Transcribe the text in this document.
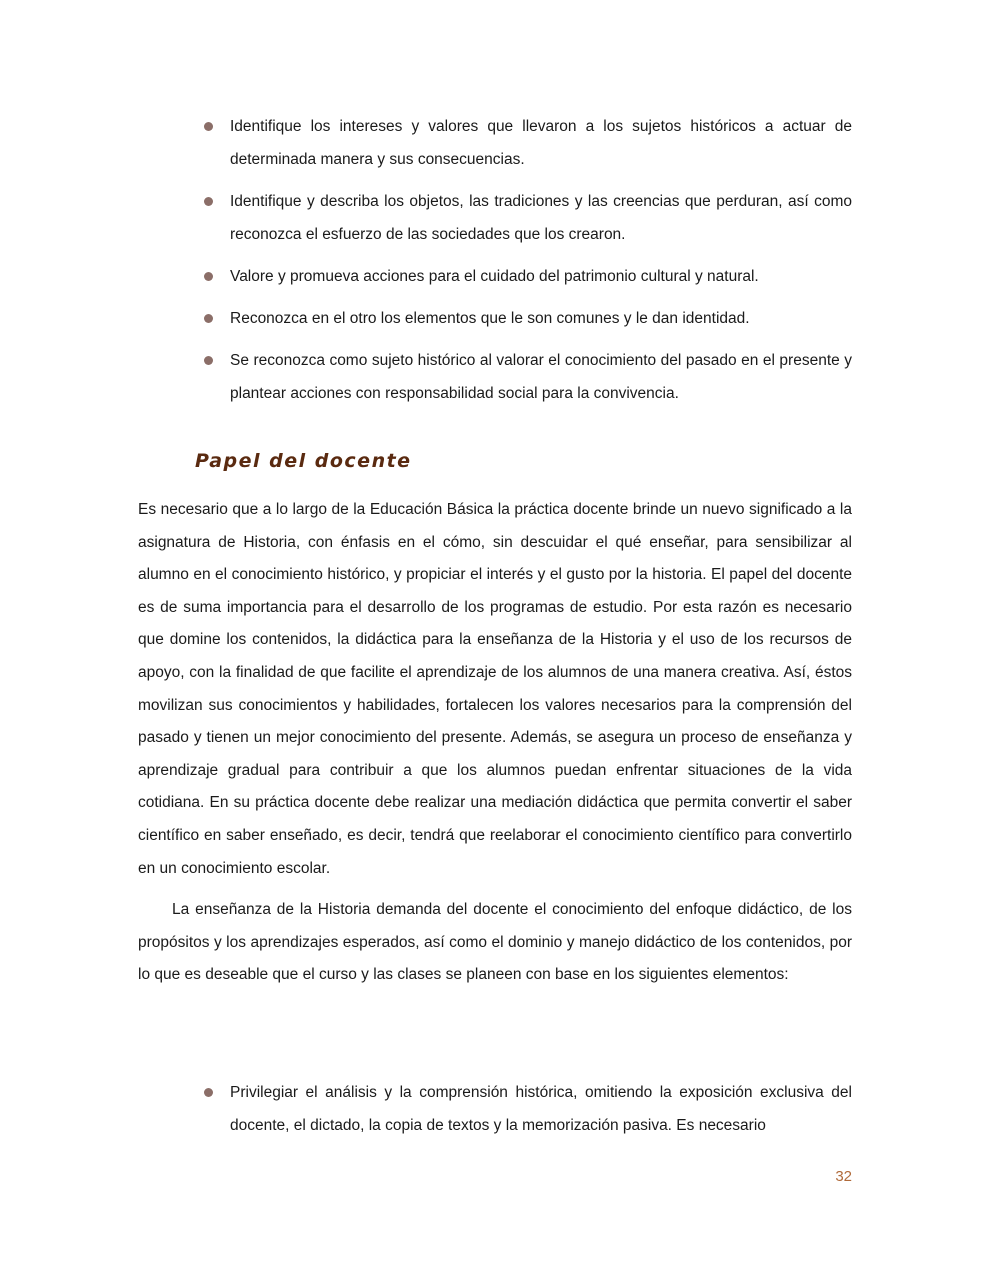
Identifique los intereses y valores que llevaron a los sujetos históricos a actuar de determinada manera y sus consecuencias.
Identifique y describa los objetos, las tradiciones y las creencias que perduran, así como reconozca el esfuerzo de las sociedades que los crearon.
Valore y promueva acciones para el cuidado del patrimonio cultural y natural.
Reconozca en el otro los elementos que le son comunes y le dan identidad.
Se reconozca como sujeto histórico al valorar el conocimiento del pasado en el presente y plantear acciones con responsabilidad social para la convivencia.
Papel del docente

Es necesario que a lo largo de la Educación Básica la práctica docente brinde un nuevo significado a la asignatura de Historia, con énfasis en el cómo, sin descuidar el qué enseñar, para sensibilizar al alumno en el conocimiento histórico, y propiciar el interés y el gusto por la historia. El papel del docente es de suma importancia para el desarrollo de los programas de estudio. Por esta razón es necesario que domine los contenidos, la didáctica para la enseñanza de la Historia y el uso de los recursos de apoyo, con la finalidad de que facilite el aprendizaje de los alumnos de una manera creativa. Así, éstos movilizan sus conocimientos y habilidades, fortalecen los valores necesarios para la comprensión del pasado y tienen un mejor conocimiento del presente. Además, se asegura un proceso de enseñanza y aprendizaje gradual para contribuir a que los alumnos puedan enfrentar situaciones de la vida cotidiana. En su práctica docente debe realizar una mediación didáctica que permita convertir el saber científico en saber enseñado, es decir, tendrá que reelaborar el conocimiento científico para convertirlo en un conocimiento escolar.

La enseñanza de la Historia demanda del docente el conocimiento del enfoque didáctico, de los propósitos y los aprendizajes esperados, así como el dominio y manejo didáctico de los contenidos, por lo que es deseable que el curso y las clases se planeen con base en los siguientes elementos:

Privilegiar el análisis y la comprensión histórica, omitiendo la exposición exclusiva del docente, el dictado, la copia de textos y la memorización pasiva. Es necesario
32
